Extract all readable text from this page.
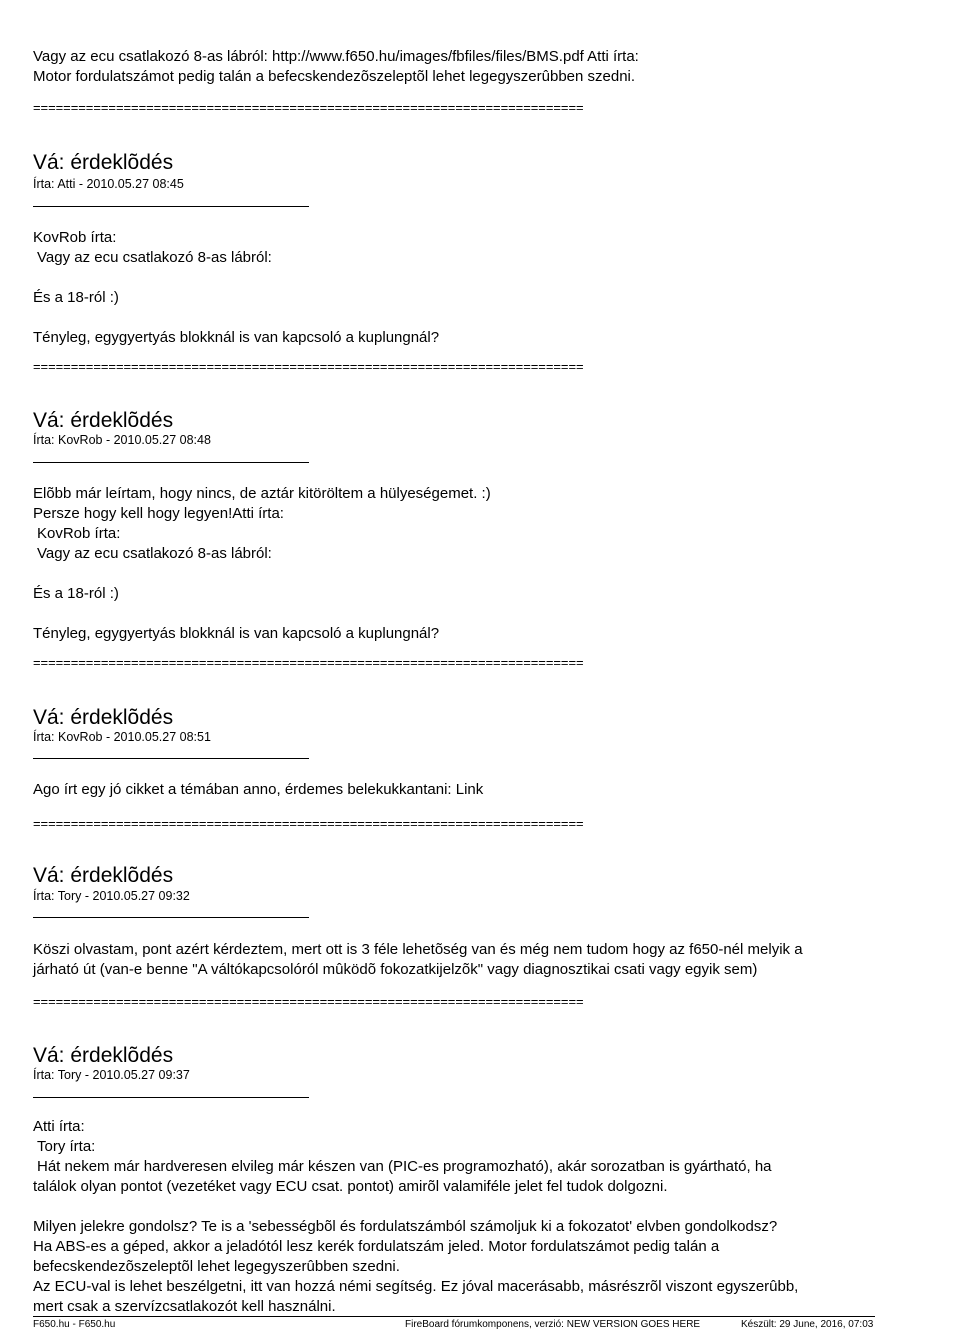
Vagy az ecu csatlakozó 8-as lábról: http://www.f650.hu/images/fbfiles/files/BMS.pdf Atti írta:
Motor fordulatszámot pedig talán a befecskendezõszeleptõl lehet legegyszerûbben szedni.
=========================================================================
Vá: érdeklõdés
Írta: Atti - 2010.05.27 08:45
KovRob írta:
Vagy az ecu csatlakozó 8-as lábról:
És a 18-ról :)
Tényleg, egygyertyás blokknál is van kapcsoló a kuplungnál?
=========================================================================
Vá: érdeklõdés
Írta: KovRob - 2010.05.27 08:48
Elõbb már leírtam, hogy nincs, de aztár kitöröltem a hülyeségemet. :)
Persze hogy kell hogy legyen!Atti írta:
KovRob írta:
Vagy az ecu csatlakozó 8-as lábról:
És a 18-ról :)
Tényleg, egygyertyás blokknál is van kapcsoló a kuplungnál?
=========================================================================
Vá: érdeklõdés
Írta: KovRob - 2010.05.27 08:51
Ago írt egy jó cikket a témában anno, érdemes belekukkantani: Link
=========================================================================
Vá: érdeklõdés
Írta: Tory - 2010.05.27 09:32
Köszi olvastam, pont azért kérdeztem, mert ott is 3 féle lehetõség van és még nem tudom hogy az f650-nél melyik a
járható út (van-e benne "A váltókapcsolóról mûködõ fokozatkijelzõk" vagy diagnosztikai csati vagy egyik sem)
=========================================================================
Vá: érdeklõdés
Írta: Tory - 2010.05.27 09:37
Atti írta:
Tory írta:
Hát nekem már hardveresen elvileg már készen van (PIC-es programozható), akár sorozatban is gyártható, ha
találok olyan pontot (vezetéket vagy ECU csat. pontot) amirõl valamiféle jelet fel tudok dolgozni.
Milyen jelekre gondolsz? Te is a 'sebességbõl és fordulatszámból számoljuk ki a fokozatot' elvben gondolkodsz?
Ha ABS-es a géped, akkor a jeladótól lesz kerék fordulatszám jeled. Motor fordulatszámot pedig talán a
befecskendezõszeleptõl lehet legegyszerûbben szedni.
Az ECU-val is lehet beszélgetni, itt van hozzá némi segítség. Ez jóval macerásabb, másrészrõl viszont egyszerûbb,
mert csak a szervízcsatlakozót kell használni.
F650.hu - F650.hu	FireBoard fórumkomponens, verzió: NEW VERSION GOES HERE	Készült: 29 June, 2016, 07:03
